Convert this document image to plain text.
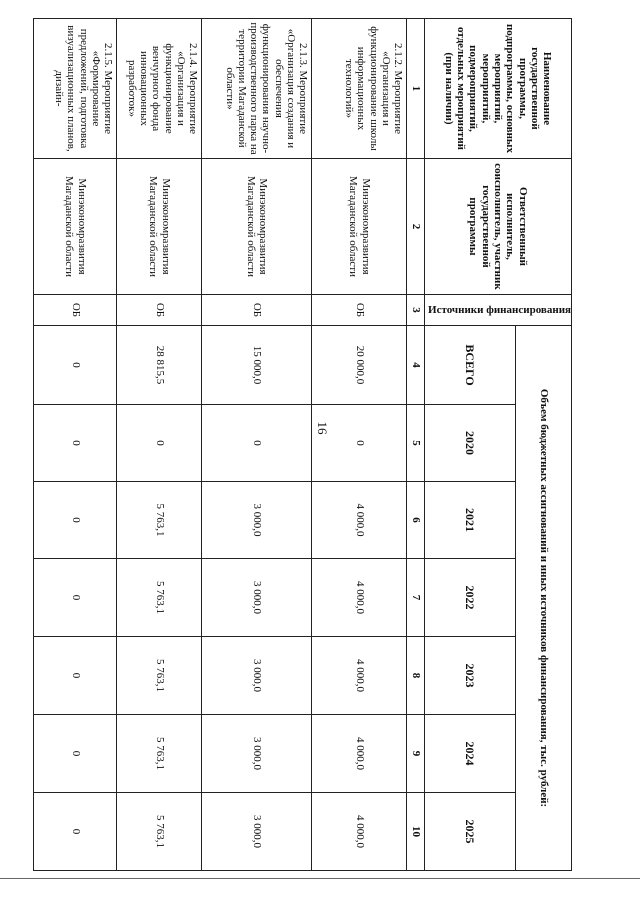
16
Наименование государственной программы, подпрограммы, основных мероприятий, мероприятий, подмероприятий, отдельных мероприятий (при наличии)	Ответственный исполнитель, соисполнитель, участник государственной программы	Источники финансирования	Объем бюджетных ассигнований и иных источников финансирования, тыс. рублей:						
			ВСЕГО	2020	2021	2022	2023	2024	2025
1	2	3	4	5	6	7	8	9	10
2.1.2. Мероприятие «Организация и функционирование школы информационных технологий»	Минэкономразвития Магаданской области	ОБ	20 000,0	0	4 000,0	4 000,0	4 000,0	4 000,0	4 000,0
2.1.3. Мероприятие «Организация создания и обеспечения функционирования научно-производственного парка на территории Магаданской области»	Минэкономразвития Магаданской области	ОБ	15 000,0	0	3 000,0	3 000,0	3 000,0	3 000,0	3 000,0
2.1.4. Мероприятие «Организация и функционирование венчурного фонда инновационных разработок»	Минэкономразвития Магаданской области	ОБ	28 815,5	0	5 763,1	5 763,1	5 763,1	5 763,1	5 763,1
2.1.5. Мероприятие «Формирование предложений, подготовка визуализационных планов, дизайн-	Минэкономразвития Магаданской области	ОБ	0	0	0	0	0	0	0
